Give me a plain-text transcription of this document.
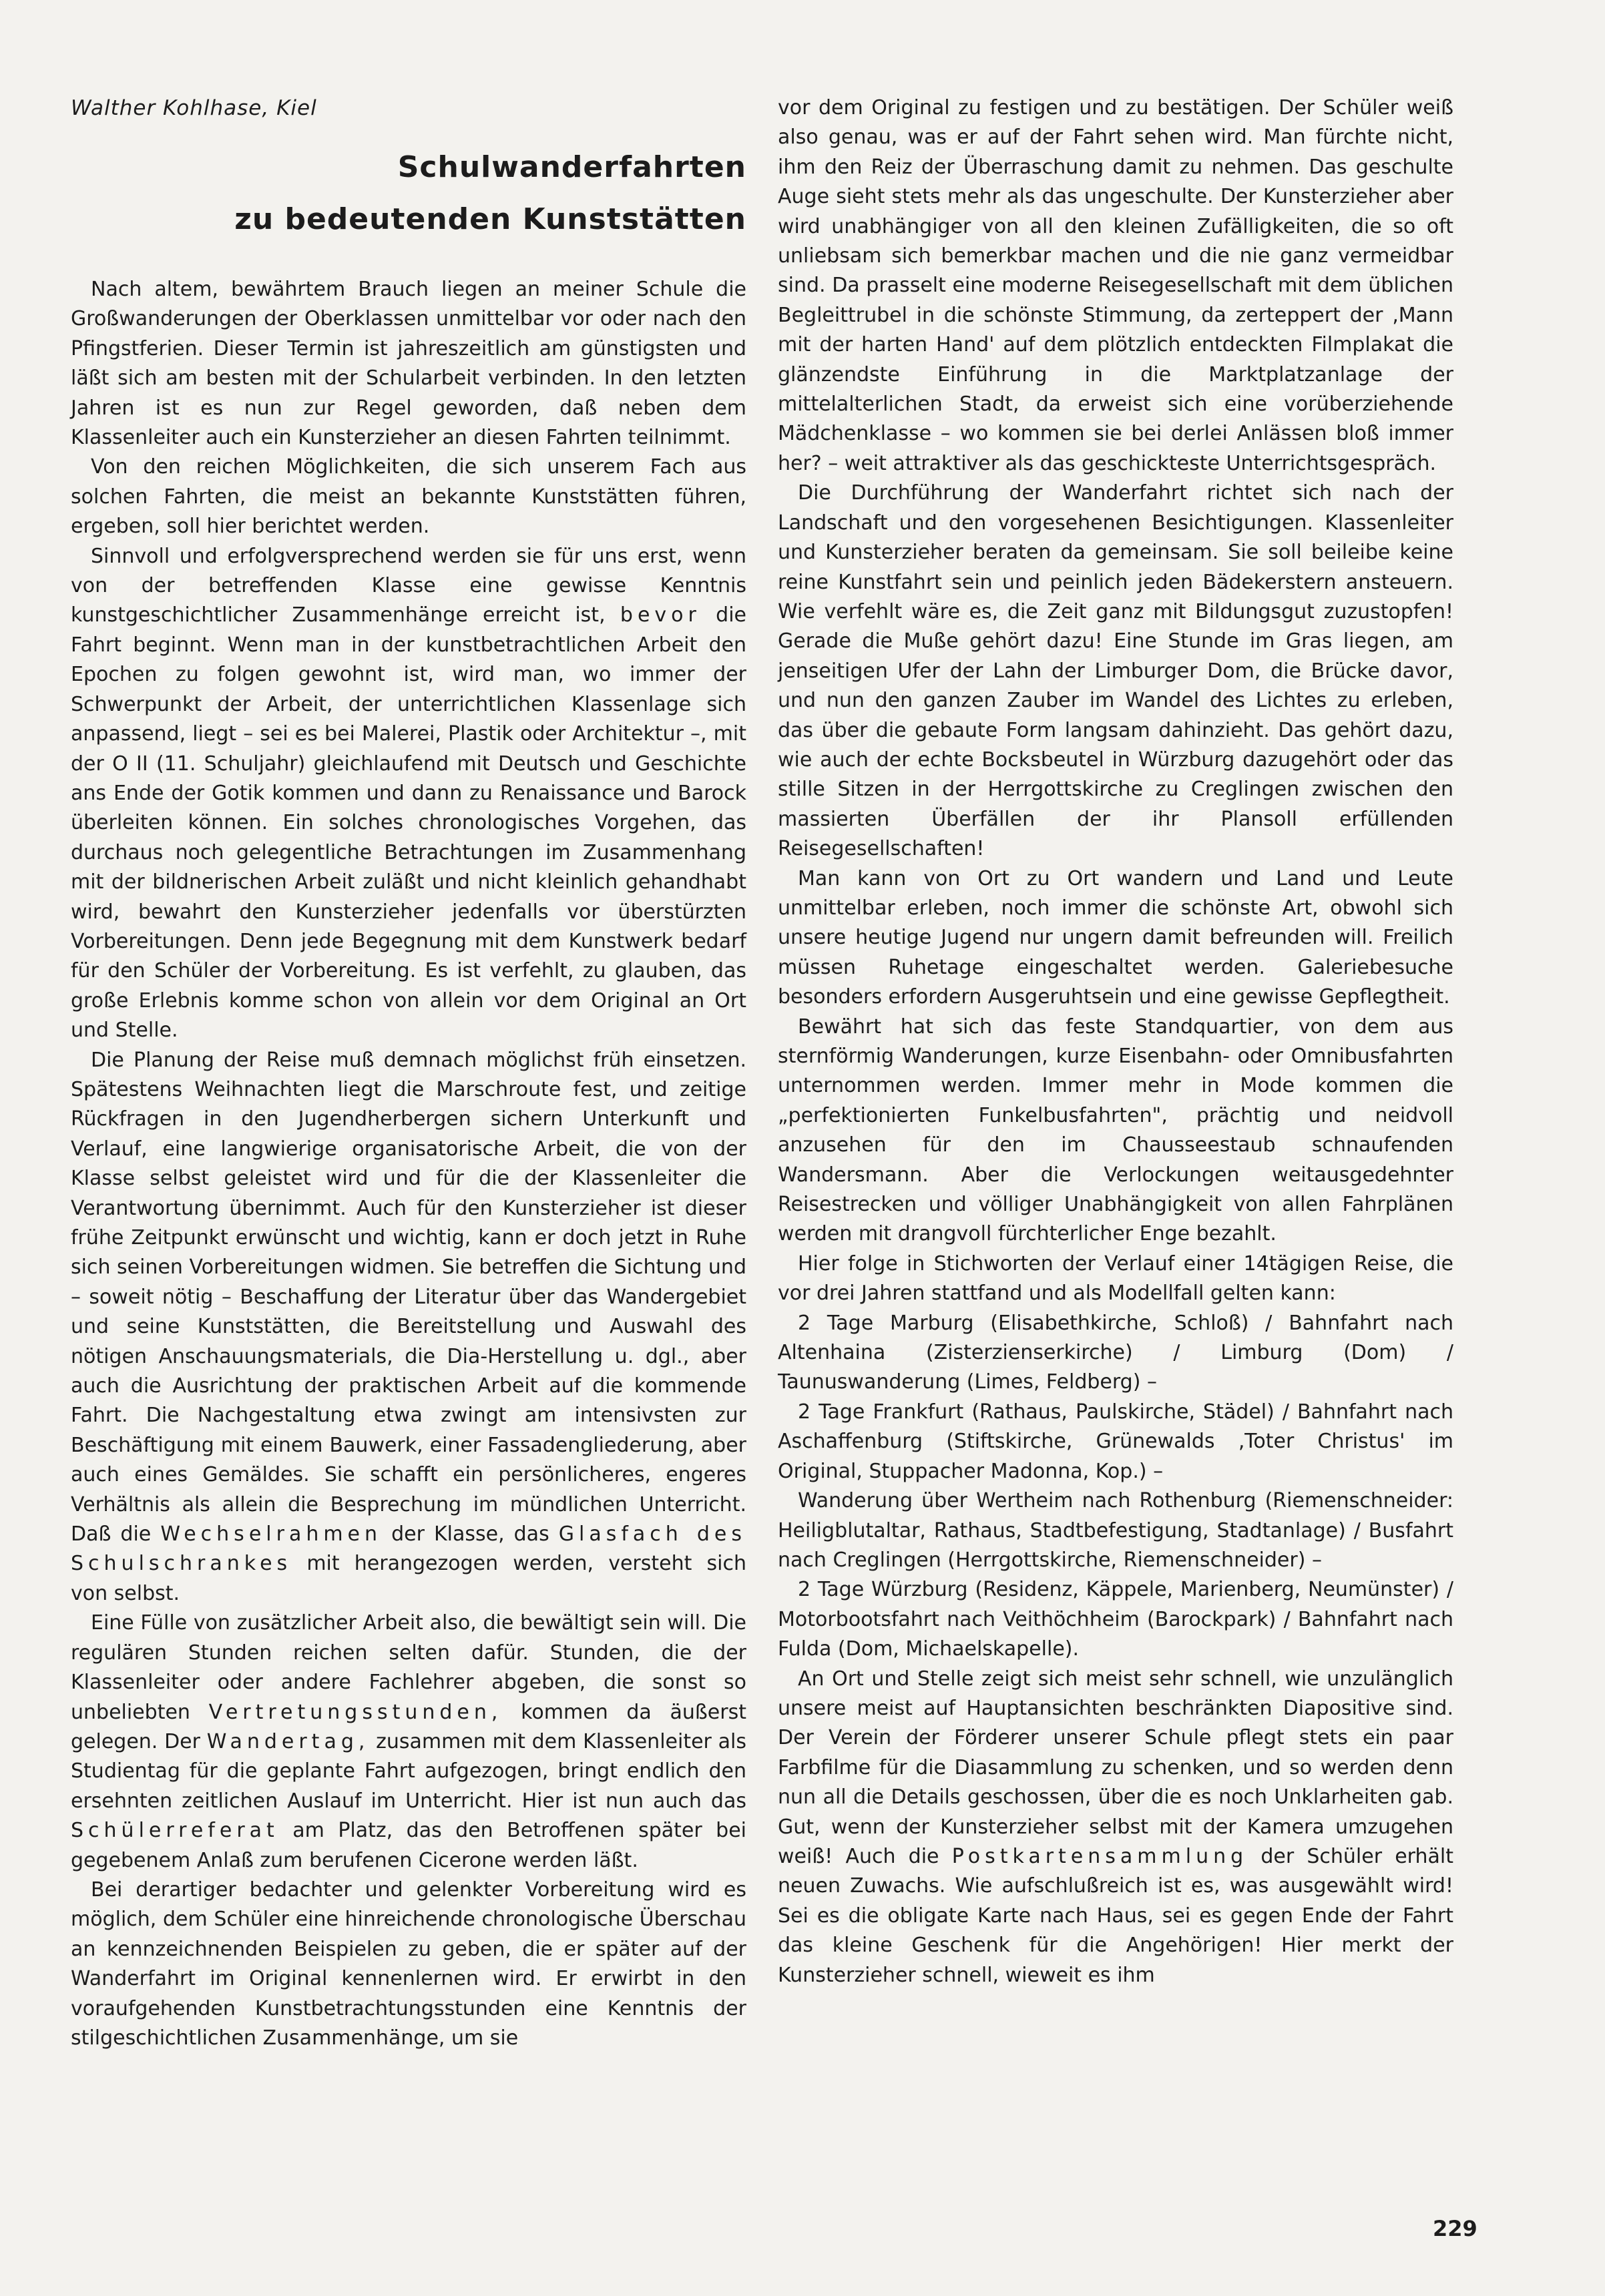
Walther Kohlhase, Kiel
Schulwanderfahrten
zu bedeutenden Kunststätten

Nach altem, bewährtem Brauch liegen an meiner Schule die Großwanderungen der Oberklassen unmittelbar vor oder nach den Pfingstferien. Dieser Termin ist jahreszeitlich am günstigsten und läßt sich am besten mit der Schularbeit verbinden. In den letzten Jahren ist es nun zur Regel geworden, daß neben dem Klassenleiter auch ein Kunsterzieher an diesen Fahrten teilnimmt.

Von den reichen Möglichkeiten, die sich unserem Fach aus solchen Fahrten, die meist an bekannte Kunststätten führen, ergeben, soll hier berichtet werden.

Sinnvoll und erfolgversprechend werden sie für uns erst, wenn von der betreffenden Klasse eine gewisse Kenntnis kunstgeschichtlicher Zusammenhänge erreicht ist, bevor die Fahrt beginnt. Wenn man in der kunstbetrachtlichen Arbeit den Epochen zu folgen gewohnt ist, wird man, wo immer der Schwerpunkt der Arbeit, der unterrichtlichen Klassenlage sich anpassend, liegt – sei es bei Malerei, Plastik oder Architektur –, mit der O II (11. Schuljahr) gleichlaufend mit Deutsch und Geschichte ans Ende der Gotik kommen und dann zu Renaissance und Barock überleiten können. Ein solches chronologisches Vorgehen, das durchaus noch gelegentliche Betrachtungen im Zusammenhang mit der bildnerischen Arbeit zuläßt und nicht kleinlich gehandhabt wird, bewahrt den Kunsterzieher jedenfalls vor überstürzten Vorbereitungen. Denn jede Begegnung mit dem Kunstwerk bedarf für den Schüler der Vorbereitung. Es ist verfehlt, zu glauben, das große Erlebnis komme schon von allein vor dem Original an Ort und Stelle.

Die Planung der Reise muß demnach möglichst früh einsetzen. Spätestens Weihnachten liegt die Marschroute fest, und zeitige Rückfragen in den Jugendherbergen sichern Unterkunft und Verlauf, eine langwierige organisatorische Arbeit, die von der Klasse selbst geleistet wird und für die der Klassenleiter die Verantwortung übernimmt. Auch für den Kunsterzieher ist dieser frühe Zeitpunkt erwünscht und wichtig, kann er doch jetzt in Ruhe sich seinen Vorbereitungen widmen. Sie betreffen die Sichtung und – soweit nötig – Beschaffung der Literatur über das Wandergebiet und seine Kunststätten, die Bereitstellung und Auswahl des nötigen Anschauungsmaterials, die Dia-Herstellung u. dgl., aber auch die Ausrichtung der praktischen Arbeit auf die kommende Fahrt. Die Nachgestaltung etwa zwingt am intensivsten zur Beschäftigung mit einem Bauwerk, einer Fassadengliederung, aber auch eines Gemäldes. Sie schafft ein persönlicheres, engeres Verhältnis als allein die Besprechung im mündlichen Unterricht. Daß die Wechselrahmen der Klasse, das Glasfach des Schulschrankes mit herangezogen werden, versteht sich von selbst.

Eine Fülle von zusätzlicher Arbeit also, die bewältigt sein will. Die regulären Stunden reichen selten dafür. Stunden, die der Klassenleiter oder andere Fachlehrer abgeben, die sonst so unbeliebten Vertretungsstunden, kommen da äußerst gelegen. Der Wandertag, zusammen mit dem Klassenleiter als Studientag für die geplante Fahrt aufgezogen, bringt endlich den ersehnten zeitlichen Auslauf im Unterricht. Hier ist nun auch das Schülerreferat am Platz, das den Betroffenen später bei gegebenem Anlaß zum berufenen Cicerone werden läßt.

Bei derartiger bedachter und gelenkter Vorbereitung wird es möglich, dem Schüler eine hinreichende chronologische Überschau an kennzeichnenden Beispielen zu geben, die er später auf der Wanderfahrt im Original kennenlernen wird. Er erwirbt in den voraufgehenden Kunstbetrachtungsstunden eine Kenntnis der stilgeschichtlichen Zusammenhänge, um sie

vor dem Original zu festigen und zu bestätigen. Der Schüler weiß also genau, was er auf der Fahrt sehen wird. Man fürchte nicht, ihm den Reiz der Überraschung damit zu nehmen. Das geschulte Auge sieht stets mehr als das ungeschulte. Der Kunsterzieher aber wird unabhängiger von all den kleinen Zufälligkeiten, die so oft unliebsam sich bemerkbar machen und die nie ganz vermeidbar sind. Da prasselt eine moderne Reisegesellschaft mit dem üblichen Begleittrubel in die schönste Stimmung, da zerteppert der ‚Mann mit der harten Hand' auf dem plötzlich entdeckten Filmplakat die glänzendste Einführung in die Marktplatzanlage der mittelalterlichen Stadt, da erweist sich eine vorüberziehende Mädchenklasse – wo kommen sie bei derlei Anlässen bloß immer her? – weit attraktiver als das geschickteste Unterrichtsgespräch.

Die Durchführung der Wanderfahrt richtet sich nach der Landschaft und den vorgesehenen Besichtigungen. Klassenleiter und Kunsterzieher beraten da gemeinsam. Sie soll beileibe keine reine Kunstfahrt sein und peinlich jeden Bädekerstern ansteuern. Wie verfehlt wäre es, die Zeit ganz mit Bildungsgut zuzustopfen! Gerade die Muße gehört dazu! Eine Stunde im Gras liegen, am jenseitigen Ufer der Lahn der Limburger Dom, die Brücke davor, und nun den ganzen Zauber im Wandel des Lichtes zu erleben, das über die gebaute Form langsam dahinzieht. Das gehört dazu, wie auch der echte Bocksbeutel in Würzburg dazugehört oder das stille Sitzen in der Herrgottskirche zu Creglingen zwischen den massierten Überfällen der ihr Plansoll erfüllenden Reisegesellschaften!

Man kann von Ort zu Ort wandern und Land und Leute unmittelbar erleben, noch immer die schönste Art, obwohl sich unsere heutige Jugend nur ungern damit befreunden will. Freilich müssen Ruhetage eingeschaltet werden. Galeriebesuche besonders erfordern Ausgeruhtsein und eine gewisse Gepflegtheit.

Bewährt hat sich das feste Standquartier, von dem aus sternförmig Wanderungen, kurze Eisenbahn- oder Omnibusfahrten unternommen werden. Immer mehr in Mode kommen die „perfektionierten Funkelbusfahrten", prächtig und neidvoll anzusehen für den im Chausseestaub schnaufenden Wandersmann. Aber die Verlockungen weitausgedehnter Reisestrecken und völliger Unabhängigkeit von allen Fahrplänen werden mit drangvoll fürchterlicher Enge bezahlt.

Hier folge in Stichworten der Verlauf einer 14tägigen Reise, die vor drei Jahren stattfand und als Modellfall gelten kann:

2 Tage Marburg (Elisabethkirche, Schloß) / Bahnfahrt nach Altenhaina (Zisterzienserkirche) / Limburg (Dom) / Taunuswanderung (Limes, Feldberg) –

2 Tage Frankfurt (Rathaus, Paulskirche, Städel) / Bahnfahrt nach Aschaffenburg (Stiftskirche, Grünewalds ‚Toter Christus' im Original, Stuppacher Madonna, Kop.) –

Wanderung über Wertheim nach Rothenburg (Riemenschneider: Heiligblutaltar, Rathaus, Stadtbefestigung, Stadtanlage) / Busfahrt nach Creglingen (Herrgottskirche, Riemenschneider) –

2 Tage Würzburg (Residenz, Käppele, Marienberg, Neumünster) / Motorbootsfahrt nach Veithöchheim (Barockpark) / Bahnfahrt nach Fulda (Dom, Michaelskapelle).

An Ort und Stelle zeigt sich meist sehr schnell, wie unzulänglich unsere meist auf Hauptansichten beschränkten Diapositive sind. Der Verein der Förderer unserer Schule pflegt stets ein paar Farbfilme für die Diasammlung zu schenken, und so werden denn nun all die Details geschossen, über die es noch Unklarheiten gab. Gut, wenn der Kunsterzieher selbst mit der Kamera umzugehen weiß! Auch die Postkartensammlung der Schüler erhält neuen Zuwachs. Wie aufschlußreich ist es, was ausgewählt wird! Sei es die obligate Karte nach Haus, sei es gegen Ende der Fahrt das kleine Geschenk für die Angehörigen! Hier merkt der Kunsterzieher schnell, wieweit es ihm

229
